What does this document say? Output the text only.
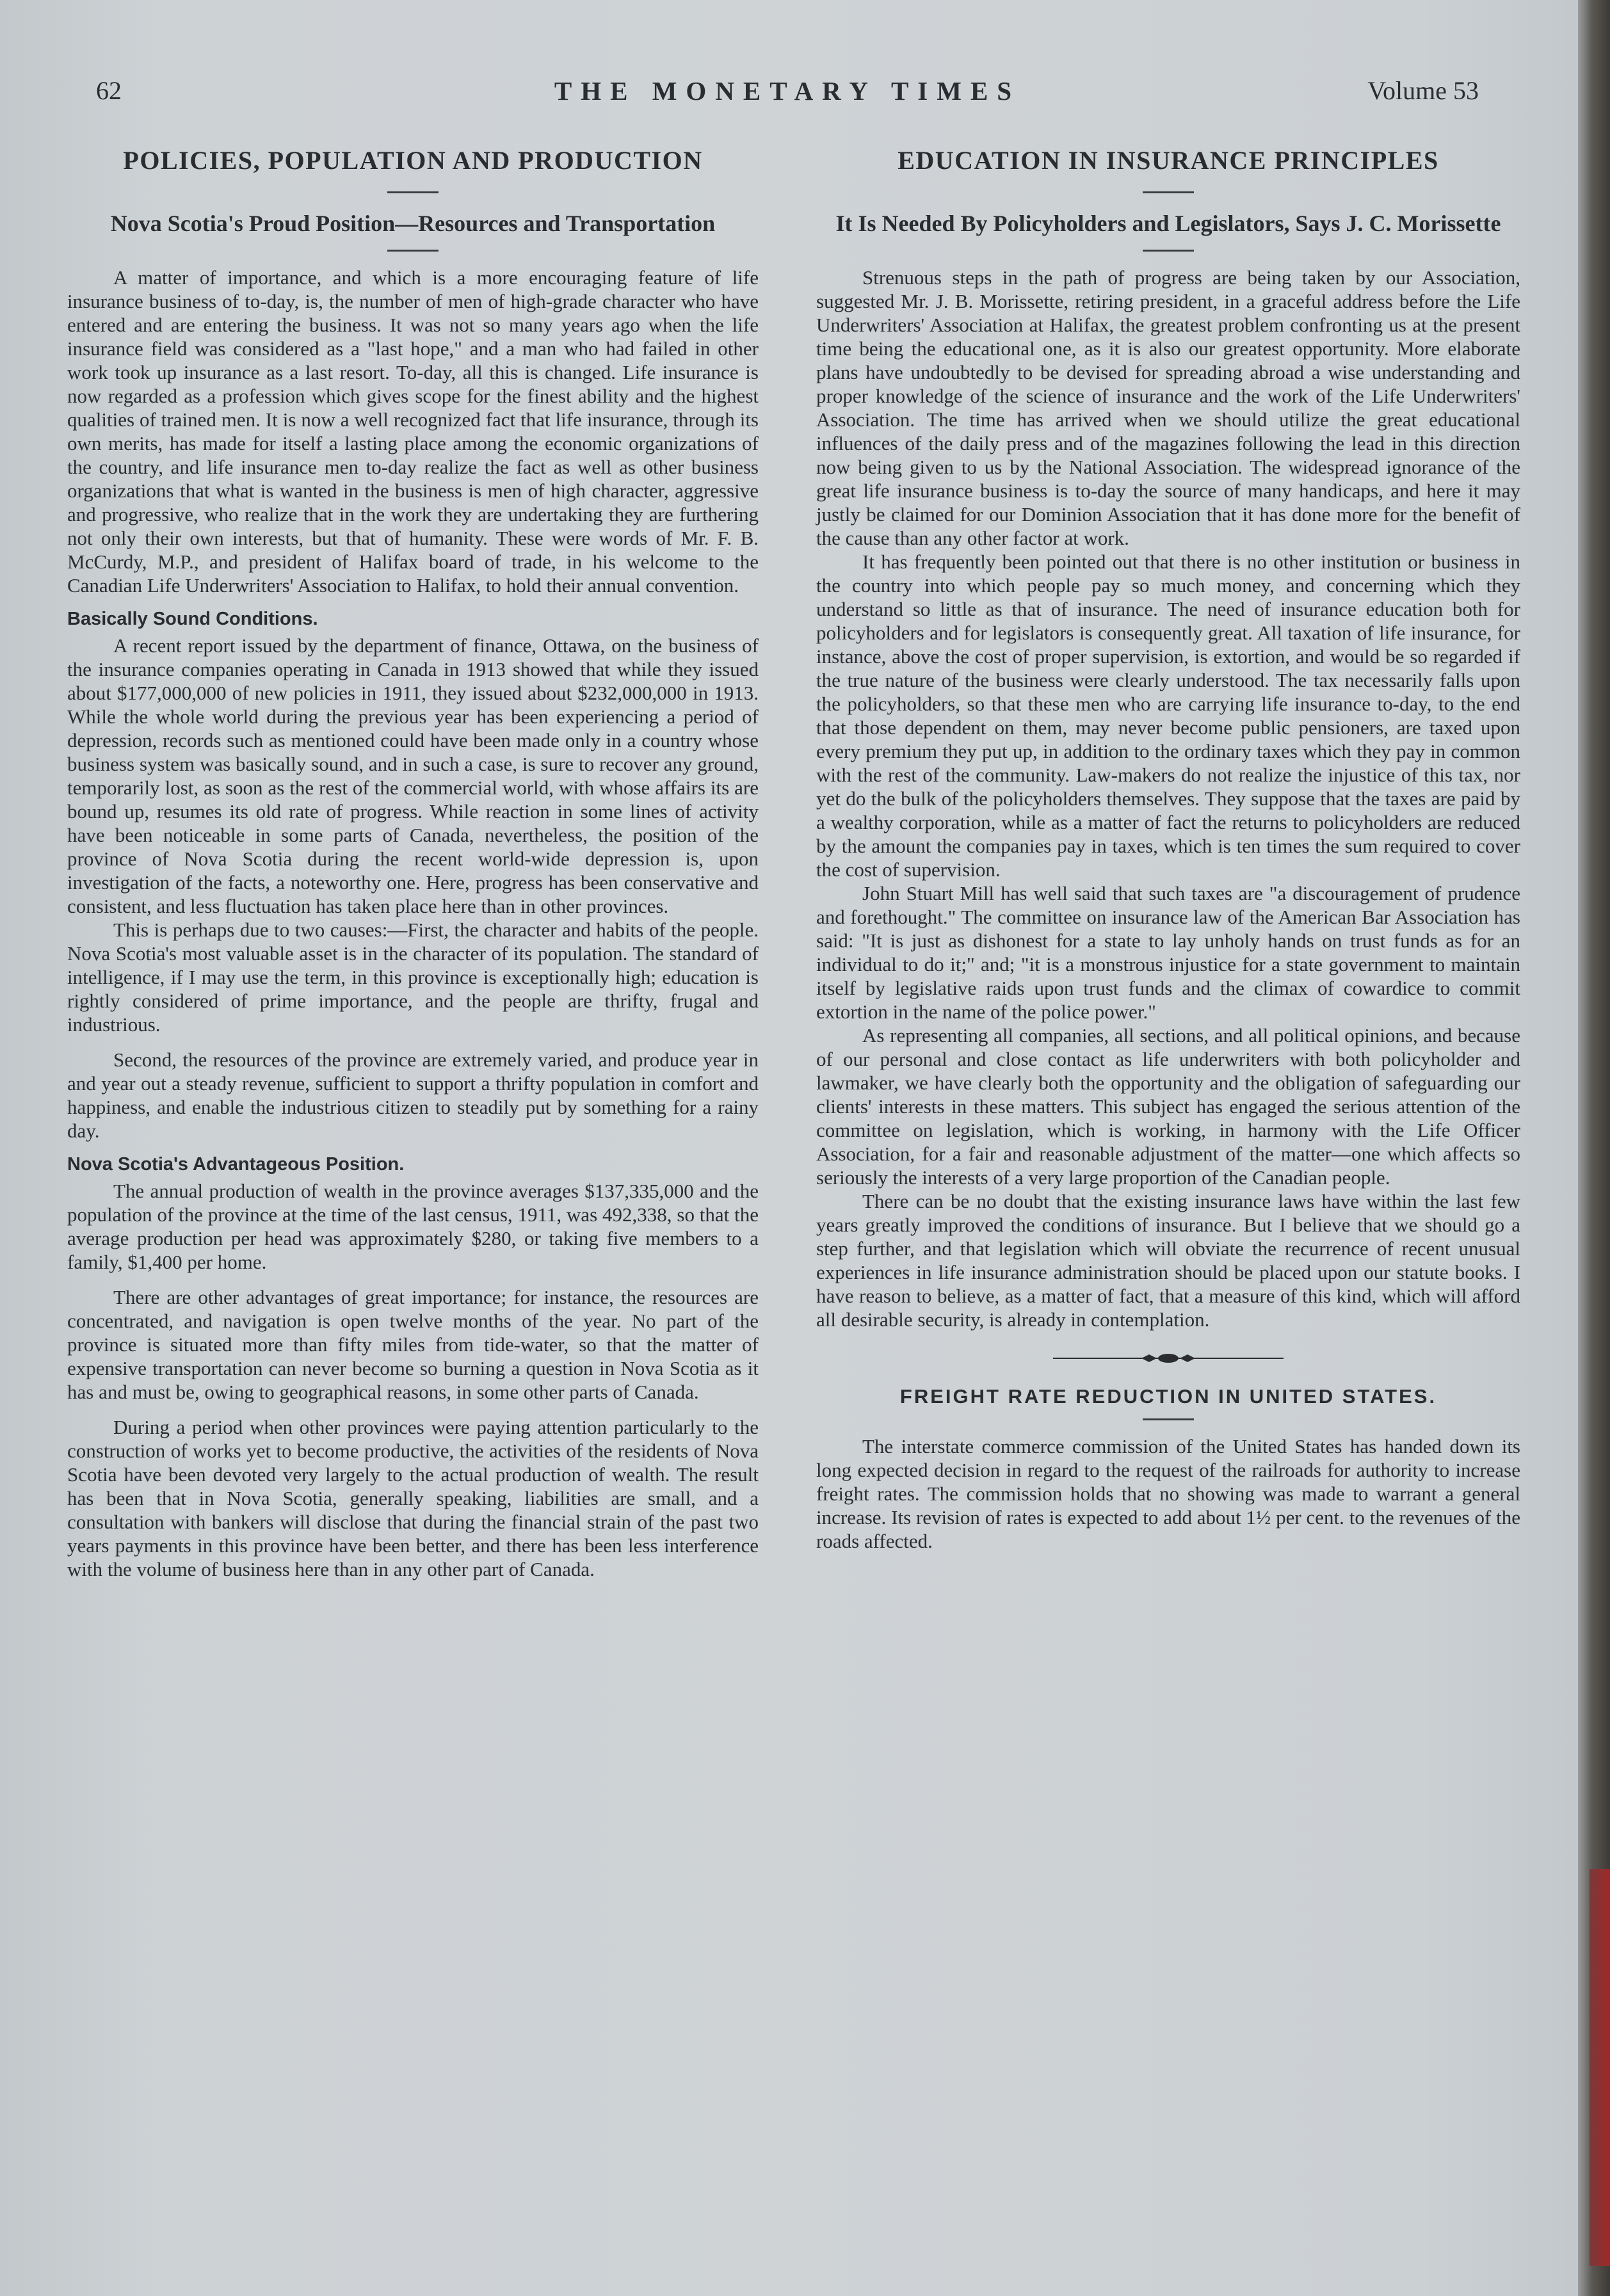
62	THE MONETARY TIMES	Volume 53
POLICIES, POPULATION AND PRODUCTION
Nova Scotia's Proud Position—Resources and Transportation

A matter of importance, and which is a more encouraging feature of life insurance business of to-day, is, the number of men of high-grade character who have entered and are entering the business. It was not so many years ago when the life insurance field was considered as a "last hope," and a man who had failed in other work took up insurance as a last resort. To-day, all this is changed. Life insurance is now regarded as a profession which gives scope for the finest ability and the highest qualities of trained men. It is now a well recognized fact that life insurance, through its own merits, has made for itself a lasting place among the economic organizations of the country, and life insurance men to-day realize the fact as well as other business organizations that what is wanted in the business is men of high character, aggressive and progressive, who realize that in the work they are undertaking they are furthering not only their own interests, but that of humanity. These were words of Mr. F. B. McCurdy, M.P., and president of Halifax board of trade, in his welcome to the Canadian Life Underwriters' Association to Halifax, to hold their annual convention.

Basically Sound Conditions.

A recent report issued by the department of finance, Ottawa, on the business of the insurance companies operating in Canada in 1913 showed that while they issued about $177,000,000 of new policies in 1911, they issued about $232,000,000 in 1913. While the whole world during the previous year has been experiencing a period of depression, records such as mentioned could have been made only in a country whose business system was basically sound, and in such a case, is sure to recover any ground, temporarily lost, as soon as the rest of the commercial world, with whose affairs its are bound up, resumes its old rate of progress. While reaction in some lines of activity have been noticeable in some parts of Canada, nevertheless, the position of the province of Nova Scotia during the recent world-wide depression is, upon investigation of the facts, a noteworthy one. Here, progress has been conservative and consistent, and less fluctuation has taken place here than in other provinces.

This is perhaps due to two causes:—First, the character and habits of the people. Nova Scotia's most valuable asset is in the character of its population. The standard of intelligence, if I may use the term, in this province is exceptionally high; education is rightly considered of prime importance, and the people are thrifty, frugal and industrious.

Second, the resources of the province are extremely varied, and produce year in and year out a steady revenue, sufficient to support a thrifty population in comfort and happiness, and enable the industrious citizen to steadily put by something for a rainy day.

Nova Scotia's Advantageous Position.

The annual production of wealth in the province averages $137,335,000 and the population of the province at the time of the last census, 1911, was 492,338, so that the average production per head was approximately $280, or taking five members to a family, $1,400 per home.

There are other advantages of great importance; for instance, the resources are concentrated, and navigation is open twelve months of the year. No part of the province is situated more than fifty miles from tide-water, so that the matter of expensive transportation can never become so burning a question in Nova Scotia as it has and must be, owing to geographical reasons, in some other parts of Canada.

During a period when other provinces were paying attention particularly to the construction of works yet to become productive, the activities of the residents of Nova Scotia have been devoted very largely to the actual production of wealth. The result has been that in Nova Scotia, generally speaking, liabilities are small, and a consultation with bankers will disclose that during the financial strain of the past two years payments in this province have been better, and there has been less interference with the volume of business here than in any other part of Canada.

EDUCATION IN INSURANCE PRINCIPLES
It Is Needed By Policyholders and Legislators, Says J. C. Morissette

Strenuous steps in the path of progress are being taken by our Association, suggested Mr. J. B. Morissette, retiring president, in a graceful address before the Life Underwriters' Association at Halifax, the greatest problem confronting us at the present time being the educational one, as it is also our greatest opportunity. More elaborate plans have undoubtedly to be devised for spreading abroad a wise understanding and proper knowledge of the science of insurance and the work of the Life Underwriters' Association. The time has arrived when we should utilize the great educational influences of the daily press and of the magazines following the lead in this direction now being given to us by the National Association. The widespread ignorance of the great life insurance business is to-day the source of many handicaps, and here it may justly be claimed for our Dominion Association that it has done more for the benefit of the cause than any other factor at work.

It has frequently been pointed out that there is no other institution or business in the country into which people pay so much money, and concerning which they understand so little as that of insurance. The need of insurance education both for policyholders and for legislators is consequently great. All taxation of life insurance, for instance, above the cost of proper supervision, is extortion, and would be so regarded if the true nature of the business were clearly understood. The tax necessarily falls upon the policyholders, so that these men who are carrying life insurance to-day, to the end that those dependent on them, may never become public pensioners, are taxed upon every premium they put up, in addition to the ordinary taxes which they pay in common with the rest of the community. Law-makers do not realize the injustice of this tax, nor yet do the bulk of the policyholders themselves. They suppose that the taxes are paid by a wealthy corporation, while as a matter of fact the returns to policyholders are reduced by the amount the companies pay in taxes, which is ten times the sum required to cover the cost of supervision.

John Stuart Mill has well said that such taxes are "a discouragement of prudence and forethought." The committee on insurance law of the American Bar Association has said: "It is just as dishonest for a state to lay unholy hands on trust funds as for an individual to do it;" and; "it is a monstrous injustice for a state government to maintain itself by legislative raids upon trust funds and the climax of cowardice to commit extortion in the name of the police power."

As representing all companies, all sections, and all political opinions, and because of our personal and close contact as life underwriters with both policyholder and lawmaker, we have clearly both the opportunity and the obligation of safeguarding our clients' interests in these matters. This subject has engaged the serious attention of the committee on legislation, which is working, in harmony with the Life Officer Association, for a fair and reasonable adjustment of the matter—one which affects so seriously the interests of a very large proportion of the Canadian people.

There can be no doubt that the existing insurance laws have within the last few years greatly improved the conditions of insurance. But I believe that we should go a step further, and that legislation which will obviate the recurrence of recent unusual experiences in life insurance administration should be placed upon our statute books. I have reason to believe, as a matter of fact, that a measure of this kind, which will afford all desirable security, is already in contemplation.

FREIGHT RATE REDUCTION IN UNITED STATES.

The interstate commerce commission of the United States has handed down its long expected decision in regard to the request of the railroads for authority to increase freight rates. The commission holds that no showing was made to warrant a general increase. Its revision of rates is expected to add about 1½ per cent. to the revenues of the roads affected.
